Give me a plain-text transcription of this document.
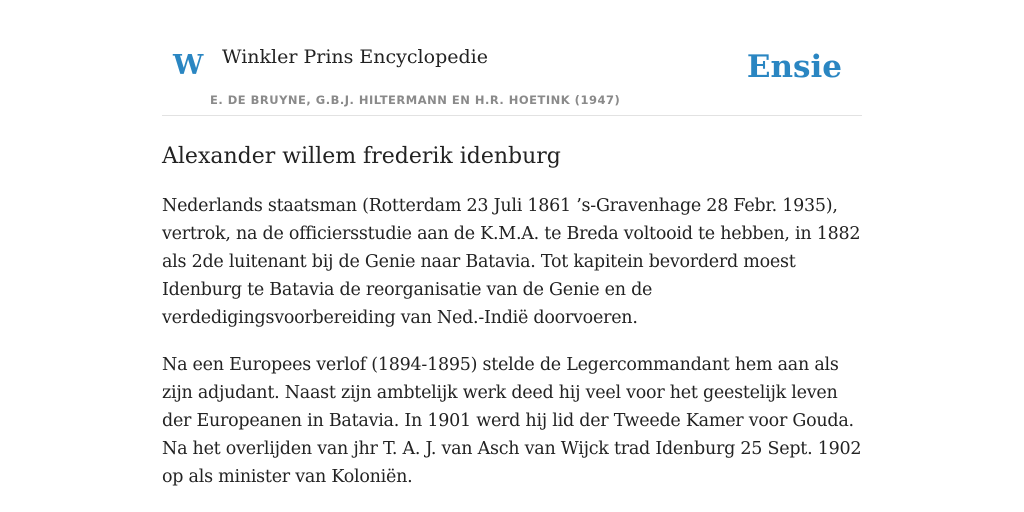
W Winkler Prins Encyclopedie
E. DE BRUYNE, G.B.J. HILTERMANN EN H.R. HOETINK (1947)
Ensie
Alexander willem frederik idenburg

Nederlands staatsman (Rotterdam 23 Juli 1861 ’s-Gravenhage 28 Febr. 1935), vertrok, na de officiersstudie aan de K.M.A. te Breda voltooid te hebben, in 1882 als 2de luitenant bij de Genie naar Batavia. Tot kapitein bevorderd moest Idenburg te Batavia de reorganisatie van de Genie en de verdedigingsvoorbereiding van Ned.-Indië doorvoeren.

Na een Europees verlof (1894-1895) stelde de Legercommandant hem aan als zijn adjudant. Naast zijn ambtelijk werk deed hij veel voor het geestelijk leven der Europeanen in Batavia. In 1901 werd hij lid der Tweede Kamer voor Gouda. Na het overlijden van jhr T. A. J. van Asch van Wijck trad Idenburg 25 Sept. 1902 op als minister van Koloniën.
